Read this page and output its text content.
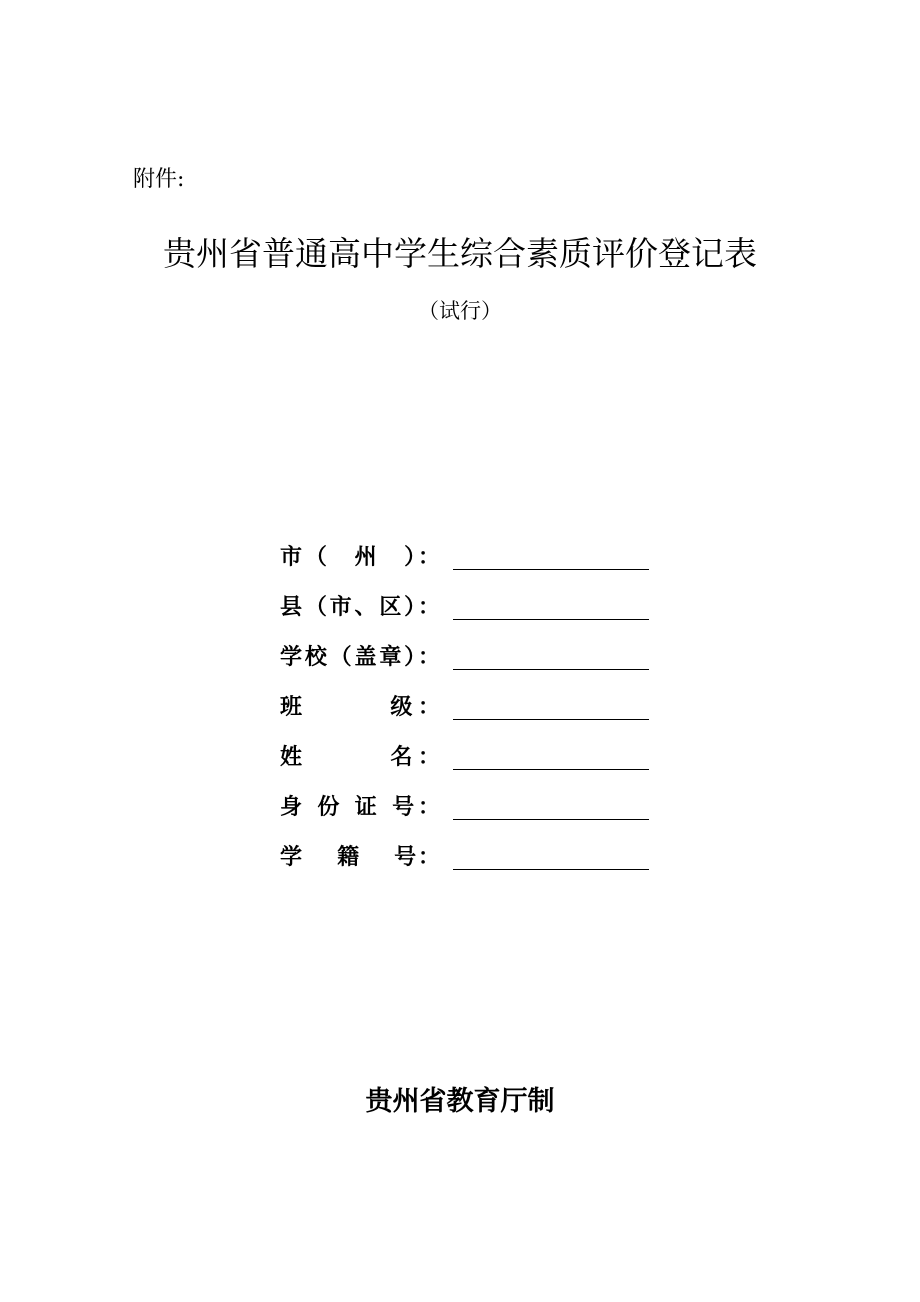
附件:
贵州省普通高中学生综合素质评价登记表
（试行）
市（　州　）：
县（市、区）：
学校（盖章）：
班　　　级：
姓　　　名：
身 份 证 号：
学　 籍　 号：
贵州省教育厅制
